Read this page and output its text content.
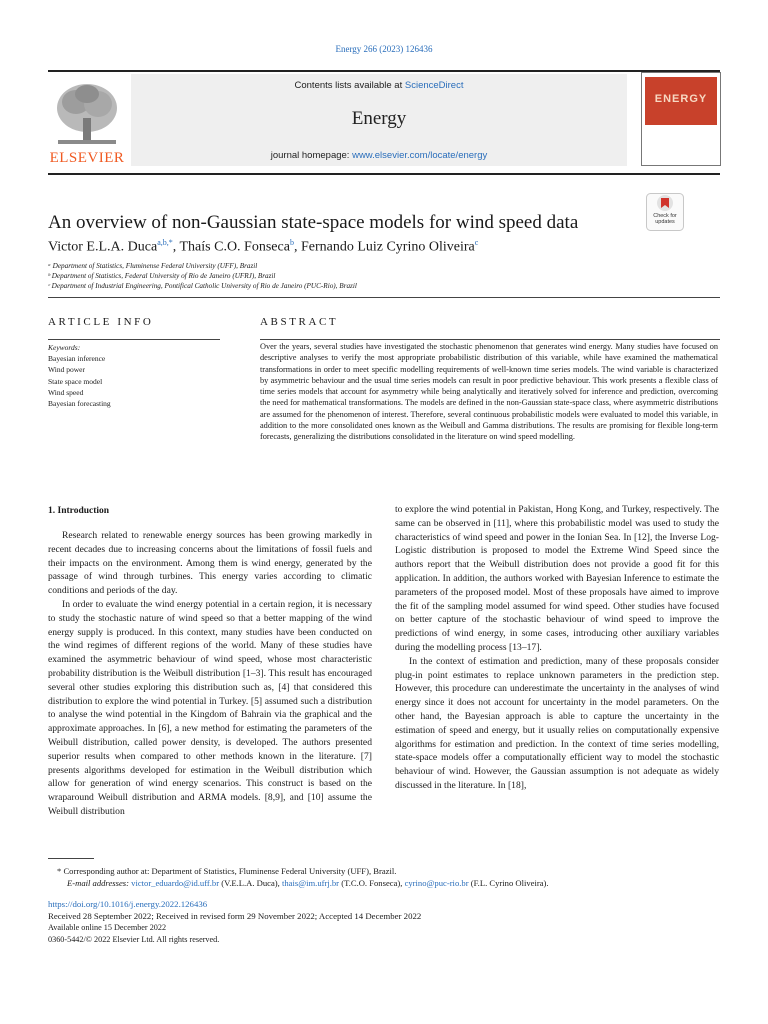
Energy 266 (2023) 126436
ELSEVIER
Contents lists available at ScienceDirect
Energy
journal homepage: www.elsevier.com/locate/energy
ENERGY
An overview of non-Gaussian state-space models for wind speed data	Check for updates
Victor E.L.A. Duca$^{a,b,*}$, Thaís C.O. Fonseca$^b$, Fernando Luiz Cyrino Oliveira$^c$
ᵃ Department of Statistics, Fluminense Federal University (UFF), Brazil
ᵇ Department of Statistics, Federal University of Rio de Janeiro (UFRJ), Brazil
ᶜ Department of Industrial Engineering, Pontifical Catholic University of Rio de Janeiro (PUC-Rio), Brazil
ARTICLE INFO
Keywords:
Bayesian inference
Wind power
State space model
Wind speed
Bayesian forecasting
ABSTRACT
Over the years, several studies have investigated the stochastic phenomenon that generates wind energy. Many studies have focused on descriptive analyses to verify the most appropriate probabilistic distribution of this variable, while have examined the mathematical transformations in order to meet specific modelling requirements of well-known time series models. The wind variable is characterized by asymmetric behaviour and the usual time series models can result in poor predictive behaviour. This work presents a flexible class of time series models that account for asymmetry while being analytically and iteratively solved for inference and prediction, overcoming the need for mathematical transformations. The models are defined in the non-Gaussian state-space class, where asymmetric distributions are assumed for the phenomenon of interest. Therefore, several continuous probabilistic models were evaluated to model this variable, in addition to the more consolidated ones known as the Weibull and Gamma distributions. The results are promising for flexible long-term forecasts, generalizing the distributions consolidated in the literature on wind speed modelling.
1. Introduction

Research related to renewable energy sources has been growing markedly in recent decades due to increasing concerns about the limitations of fossil fuels and their impacts on the environment. Among them is wind energy, generated by the passage of wind through turbines. This energy varies according to climatic conditions and periods of the day.

In order to evaluate the wind energy potential in a certain region, it is necessary to study the stochastic nature of wind speed so that a better mapping of the wind energy supply is produced. In this context, many studies have been conducted on the wind regimes of different regions of the world. Many of these studies have examined the asymmetric behaviour of wind speed, whose most characteristic probability distribution is the Weibull distribution [1–3]. This result has encouraged several other studies exploring this distribution such as, [4] that considered this distribution to explore the wind potential in Turkey. [5] assumed such a distribution to analyse the wind potential in the Kingdom of Bahrain via the graphical and the approximate approaches. In [6], a new method for estimating the parameters of the Weibull distribution, called power density, is developed. The authors presented superior results when compared to other methods known in the literature. [7] presents algorithms developed for estimation in the Weibull distribution which allow for generation of wind energy scenarios. This construct is based on the wraparound Weibull distribution and ARMA models. [8,9], and [10] assume the Weibull distribution

to explore the wind potential in Pakistan, Hong Kong, and Turkey, respectively. The same can be observed in [11], where this probabilistic model was used to study the characteristics of wind speed and power in the Ionian Sea. In [12], the Inverse Log-Logistic distribution is proposed to model the Extreme Wind Speed since the authors report that the Weibull distribution does not provide a good fit for this application. In addition, the authors worked with Bayesian Inference to estimate the parameters of the proposed model. Most of these proposals have aimed to improve the fit of the sampling model assumed for wind speed. Other studies have focused on better capture of the stochastic behaviour of wind speed to improve the predictions of wind energy, in some cases, introducing other auxiliary variables during the modelling process [13–17].

In the context of estimation and prediction, many of these proposals consider plug-in point estimates to replace unknown parameters in the prediction step. However, this procedure can underestimate the uncertainty in the analyses of wind energy since it does not account for uncertainty in the model parameters. On the other hand, the Bayesian approach is able to capture the uncertainty in the estimation of speed and energy, but it usually relies on computationally expensive algorithms for estimation and prediction. In the context of time series modelling, state-space models offer a computationally efficient way to model the stochastic behaviour of wind. However, the Gaussian assumption is not adequate as widely discussed in the literature. In [18],

* Corresponding author at: Department of Statistics, Fluminense Federal University (UFF), Brazil.
E-mail addresses: victor_eduardo@id.uff.br (V.E.L.A. Duca), thais@im.ufrj.br (T.C.O. Fonseca), cyrino@puc-rio.br (F.L. Cyrino Oliveira).
https://doi.org/10.1016/j.energy.2022.126436
Received 28 September 2022; Received in revised form 29 November 2022; Accepted 14 December 2022
Available online 15 December 2022
0360-5442/© 2022 Elsevier Ltd. All rights reserved.
